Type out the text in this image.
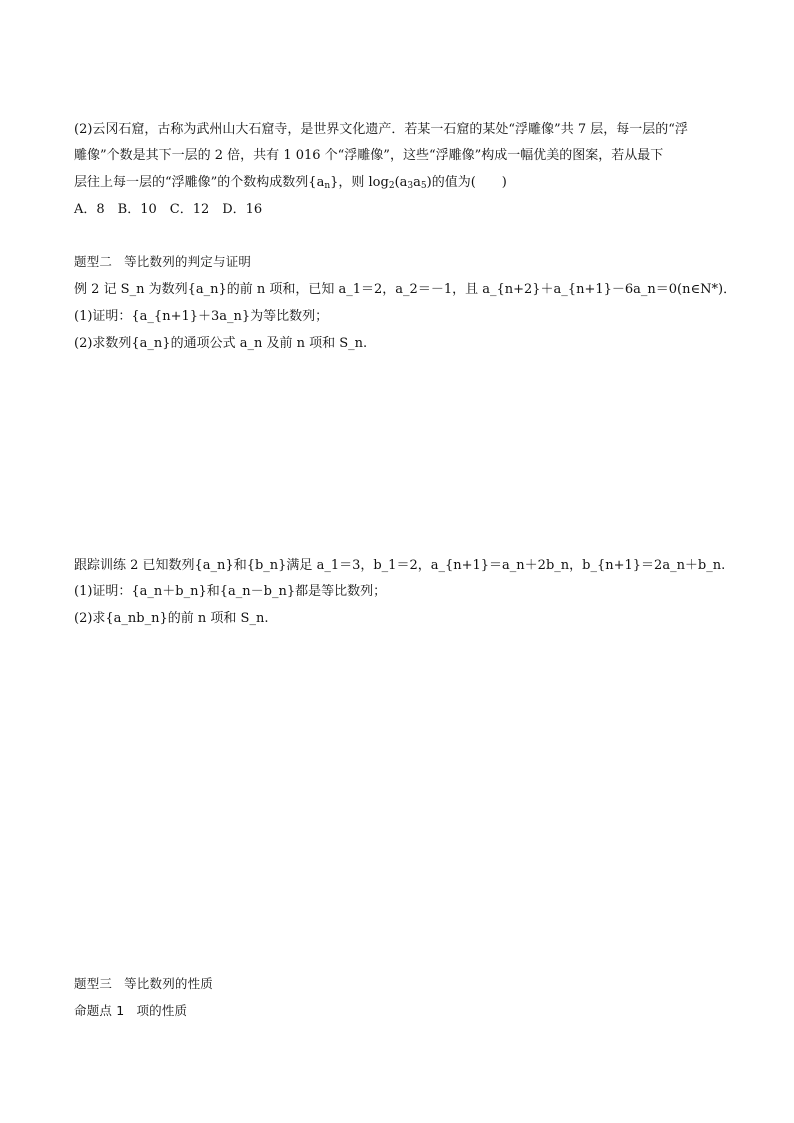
(2)云冈石窟，古称为武州山大石窟寺，是世界文化遗产．若某一石窟的某处“浮雕像”共 7 层，每一层的“浮
雕像”个数是其下一层的 2 倍，共有 1 016 个“浮雕像”，这些“浮雕像”构成一幅优美的图案，若从最下
层往上每一层的“浮雕像”的个数构成数列$\{a_n\}$，则 $\log_2(a_3a_5)$的值为(　　)
A．8　B．10　C．12　D．16
题型二 等比数列的判定与证明
例 2 记 S_n 为数列{a_n}的前 n 项和，已知 a_1＝2，a_2＝－1，且 a_{n+2}＋a_{n+1}－6a_n＝0(n∈N*)．
(1)证明：{a_{n+1}＋3a_n}为等比数列；
(2)求数列{a_n}的通项公式 a_n 及前 n 项和 S_n.
跟踪训练 2 已知数列{a_n}和{b_n}满足 a_1＝3，b_1＝2，a_{n+1}＝a_n＋2b_n，b_{n+1}＝2a_n＋b_n.
(1)证明：{a_n＋b_n}和{a_n－b_n}都是等比数列；
(2)求{a_nb_n}的前 n 项和 S_n.
题型三 等比数列的性质
命题点 1 项的性质
